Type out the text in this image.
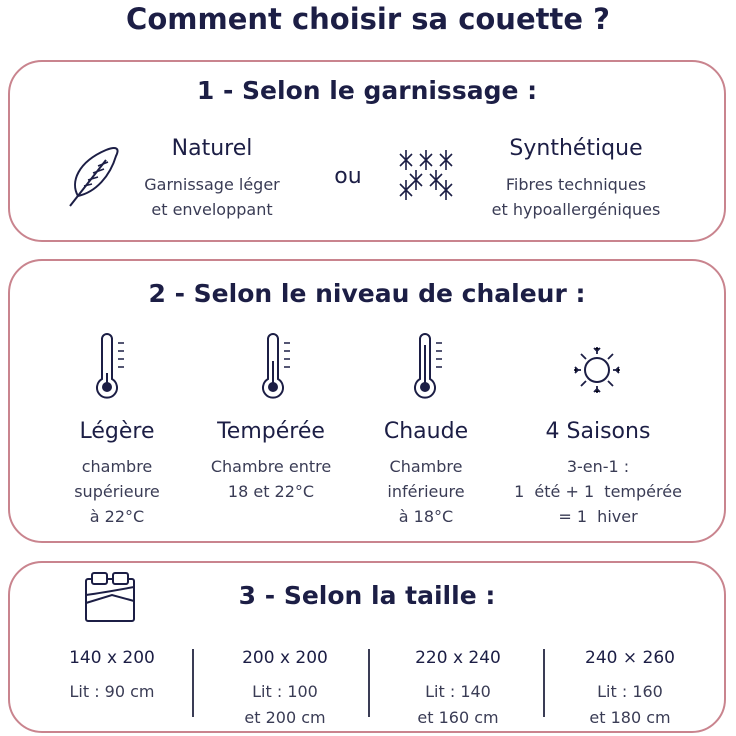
Comment choisir sa couette ?
1 - Selon le garnissage :
Naturel
Garnissage léger
et enveloppant
ou
Synthétique
Fibres techniques
et hypoallergéniques
2 - Selon le niveau de chaleur :
Légère
chambre
supérieure
à 22°C
Tempérée
Chambre entre
18 et 22°C
Chaude
Chambre
inférieure
à 18°C
4 Saisons
3-en-1 :
1  été + 1  tempérée
= 1  hiver
3 - Selon la taille :
140 x 200
Lit : 90 cm
200 x 200
Lit : 100
et 200 cm
220 x 240
Lit : 140
et 160 cm
240 × 260
Lit : 160
et 180 cm
